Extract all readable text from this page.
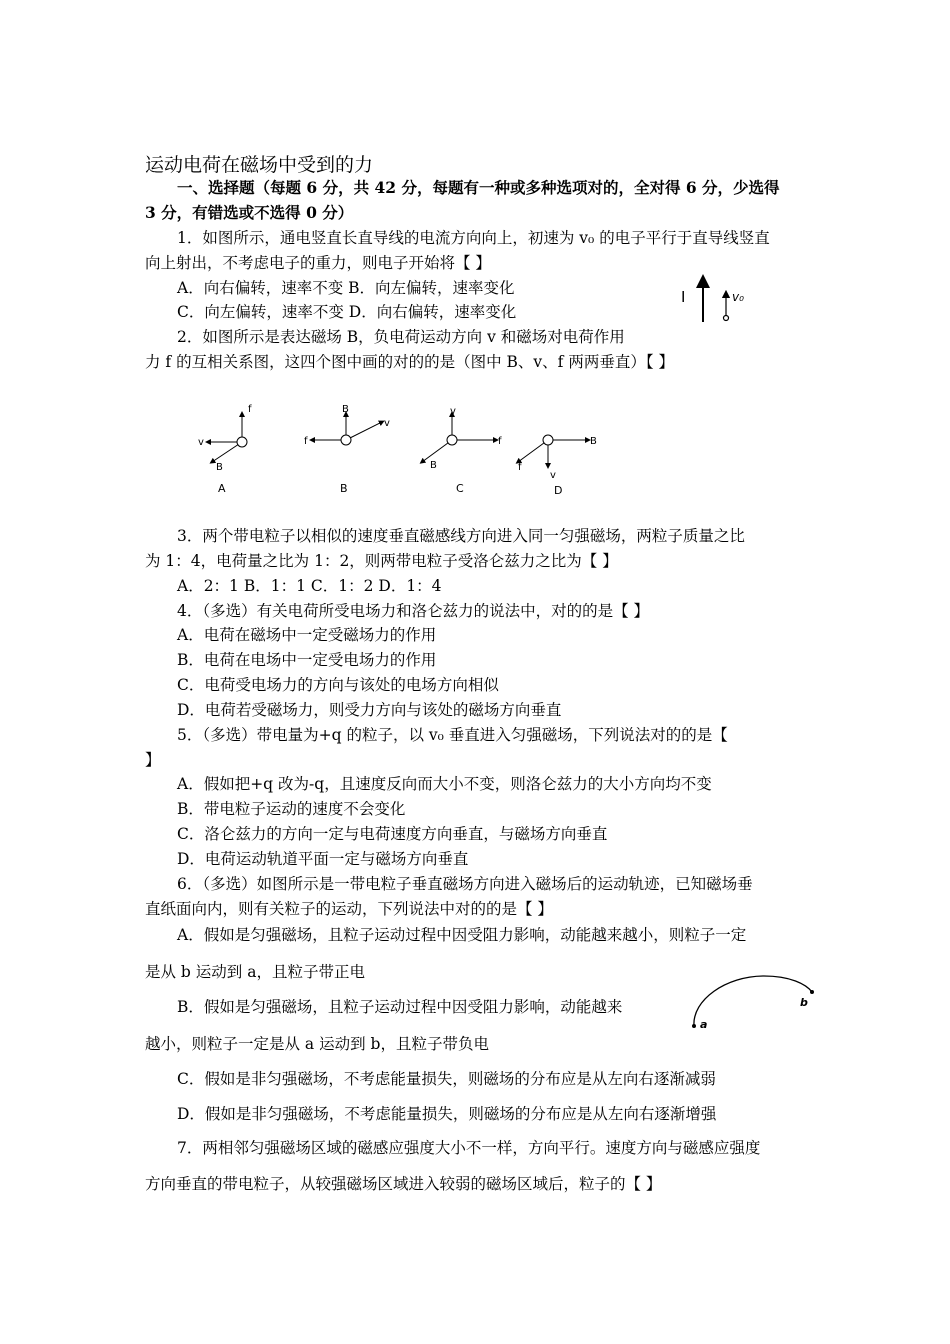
运动电荷在磁场中受到的力
一、选择题（每题 6 分，共 42 分，每题有一种或多种选项对的，全对得 6 分，少选得
3 分，有错选或不选得 0 分）
1．如图所示，通电竖直长直导线的电流方向向上，初速为 v₀ 的电子平行于直导线竖直
向上射出，不考虑电子的重力，则电子开始将【 】
A．向右偏转，速率不变 B．向左偏转，速率变化
C．向左偏转，速率不变 D．向右偏转，速率变化
I	v₀
2．如图所示是表达磁场 B，负电荷运动方向 v 和磁场对电荷作用
力 f 的互相关系图，这四个图中画的对的的是（图中 B、v、f 两两垂直）【 】
f
v
B
A
B
f
v
B
v
f
B
C
B
f
v
D
3．两个带电粒子以相似的速度垂直磁感线方向进入同一匀强磁场，两粒子质量之比
为 1：4，电荷量之比为 1：2，则两带电粒子受洛仑兹力之比为【 】
A．2：1 B．1：1 C．1：2 D．1：4
4．（多选）有关电荷所受电场力和洛仑兹力的说法中，对的的是【 】
A．电荷在磁场中一定受磁场力的作用
B．电荷在电场中一定受电场力的作用
C．电荷受电场力的方向与该处的电场方向相似
D．电荷若受磁场力，则受力方向与该处的磁场方向垂直
5．（多选）带电量为+q 的粒子，以 v₀ 垂直进入匀强磁场，下列说法对的的是【
】
A．假如把+q 改为-q，且速度反向而大小不变，则洛仑兹力的大小方向均不变
B．带电粒子运动的速度不会变化
C．洛仑兹力的方向一定与电荷速度方向垂直，与磁场方向垂直
D．电荷运动轨道平面一定与磁场方向垂直
6．（多选）如图所示是一带电粒子垂直磁场方向进入磁场后的运动轨迹，已知磁场垂
直纸面向内，则有关粒子的运动，下列说法中对的的是【 】
A．假如是匀强磁场，且粒子运动过程中因受阻力影响，动能越来越小，则粒子一定
是从 b 运动到 a，且粒子带正电
B．假如是匀强磁场，且粒子运动过程中因受阻力影响，动能越来
越小，则粒子一定是从 a 运动到 b，且粒子带负电
C．假如是非匀强磁场，不考虑能量损失，则磁场的分布应是从左向右逐渐减弱
D．假如是非匀强磁场，不考虑能量损失，则磁场的分布应是从左向右逐渐增强
a
b
7．两相邻匀强磁场区域的磁感应强度大小不一样，方向平行。速度方向与磁感应强度
方向垂直的带电粒子，从较强磁场区域进入较弱的磁场区域后，粒子的【 】
